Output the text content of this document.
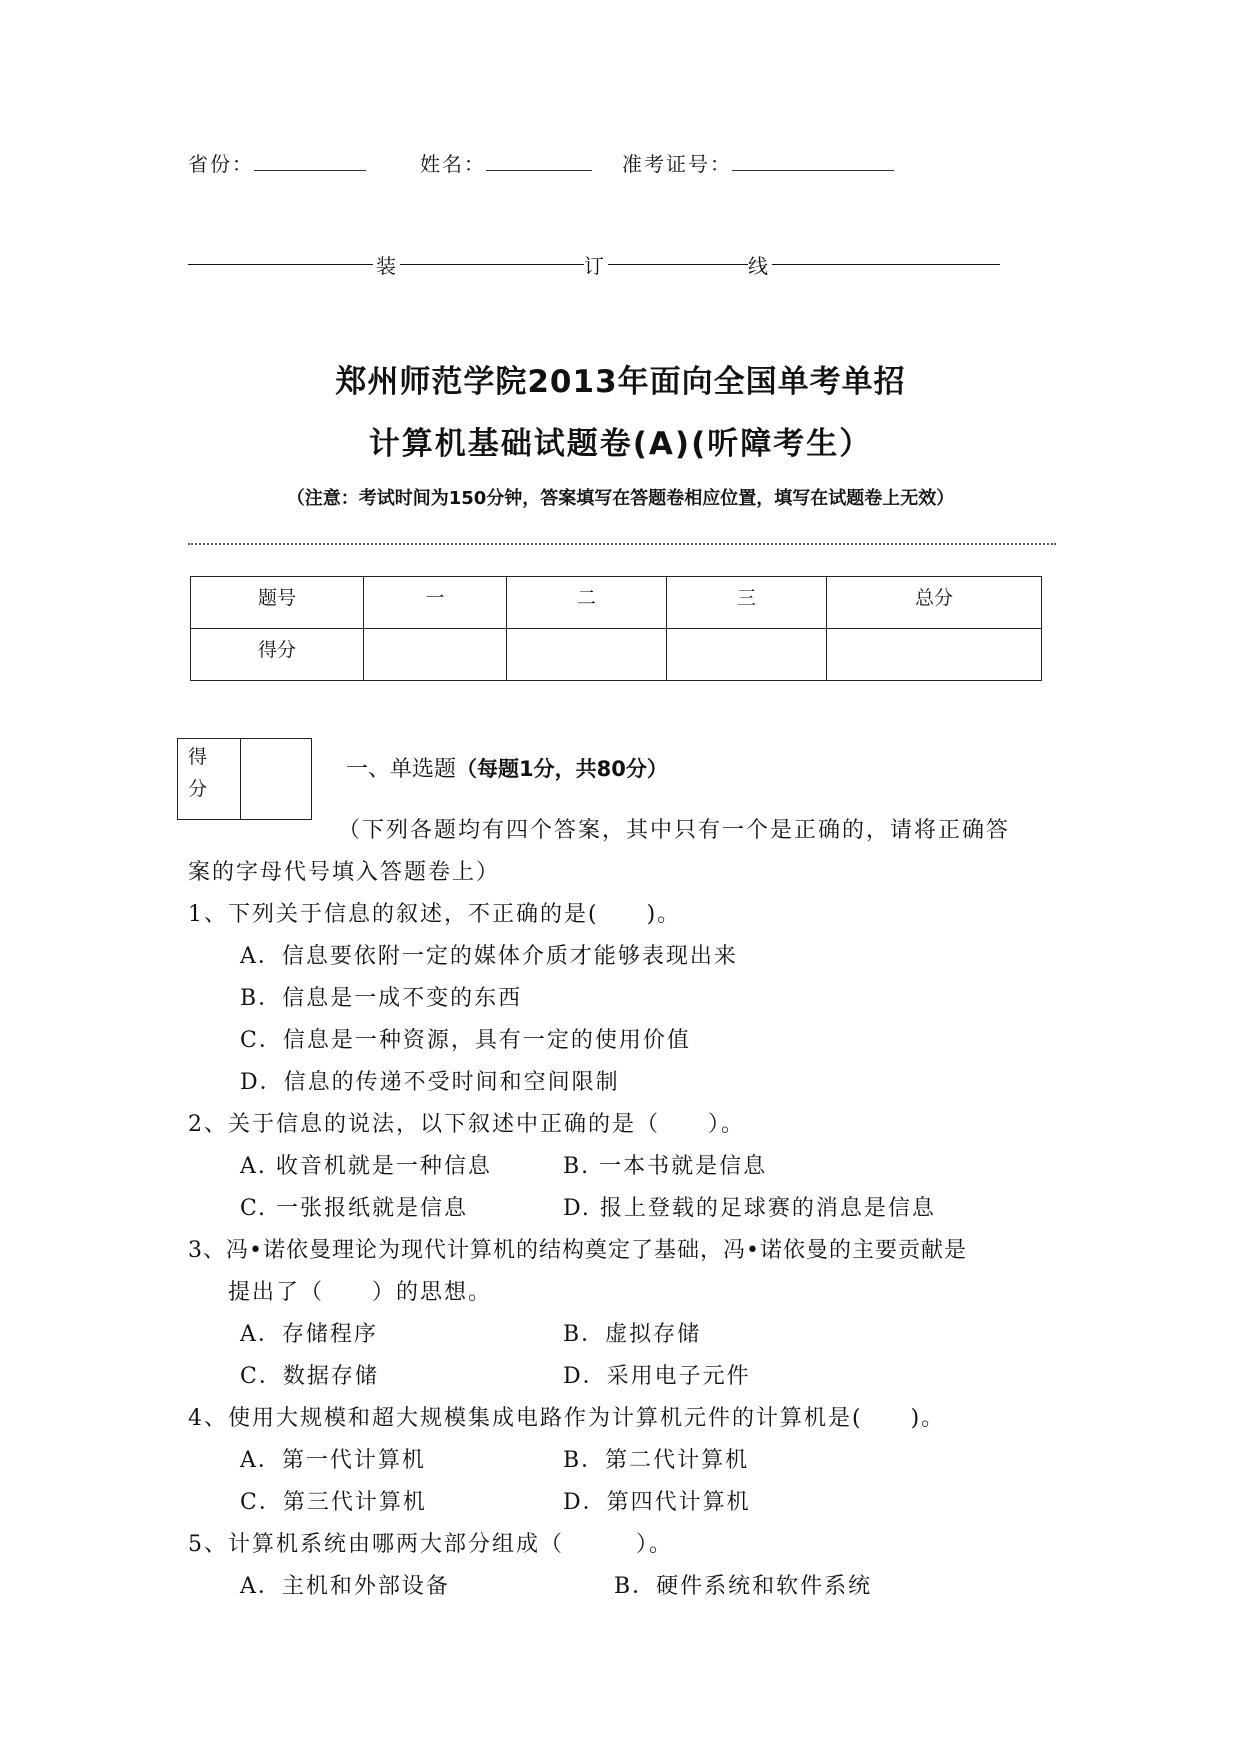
省份：	姓名：	准考证号：
装	订	线
郑州师范学院2013年面向全国单考单招
计算机基础试题卷(A)(听障考生）
（注意：考试时间为150分钟，答案填写在答题卷相应位置，填写在试题卷上无效）
题号	一	二	三	总分
得分				
得分
一、单选题（每题1分，共80分）
（下列各题均有四个答案，其中只有一个是正确的，请将正确答
案的字母代号填入答题卷上）
1、下列关于信息的叙述，不正确的是(　　)。
A．信息要依附一定的媒体介质才能够表现出来
B．信息是一成不变的东西
C．信息是一种资源，具有一定的使用价值
D．信息的传递不受时间和空间限制
2、关于信息的说法，以下叙述中正确的是（　　）。
A. 收音机就是一种信息	B. 一本书就是信息
C. 一张报纸就是信息	D. 报上登载的足球赛的消息是信息
3、冯•诺依曼理论为现代计算机的结构奠定了基础，冯•诺依曼的主要贡献是
提出了（　　）的思想。
A．存储程序	B．虚拟存储
C．数据存储	D．采用电子元件
4、使用大规模和超大规模集成电路作为计算机元件的计算机是(　　)。
A．第一代计算机	B．第二代计算机
C．第三代计算机	D．第四代计算机
5、计算机系统由哪两大部分组成（　　　）。
A．主机和外部设备	B．硬件系统和软件系统
